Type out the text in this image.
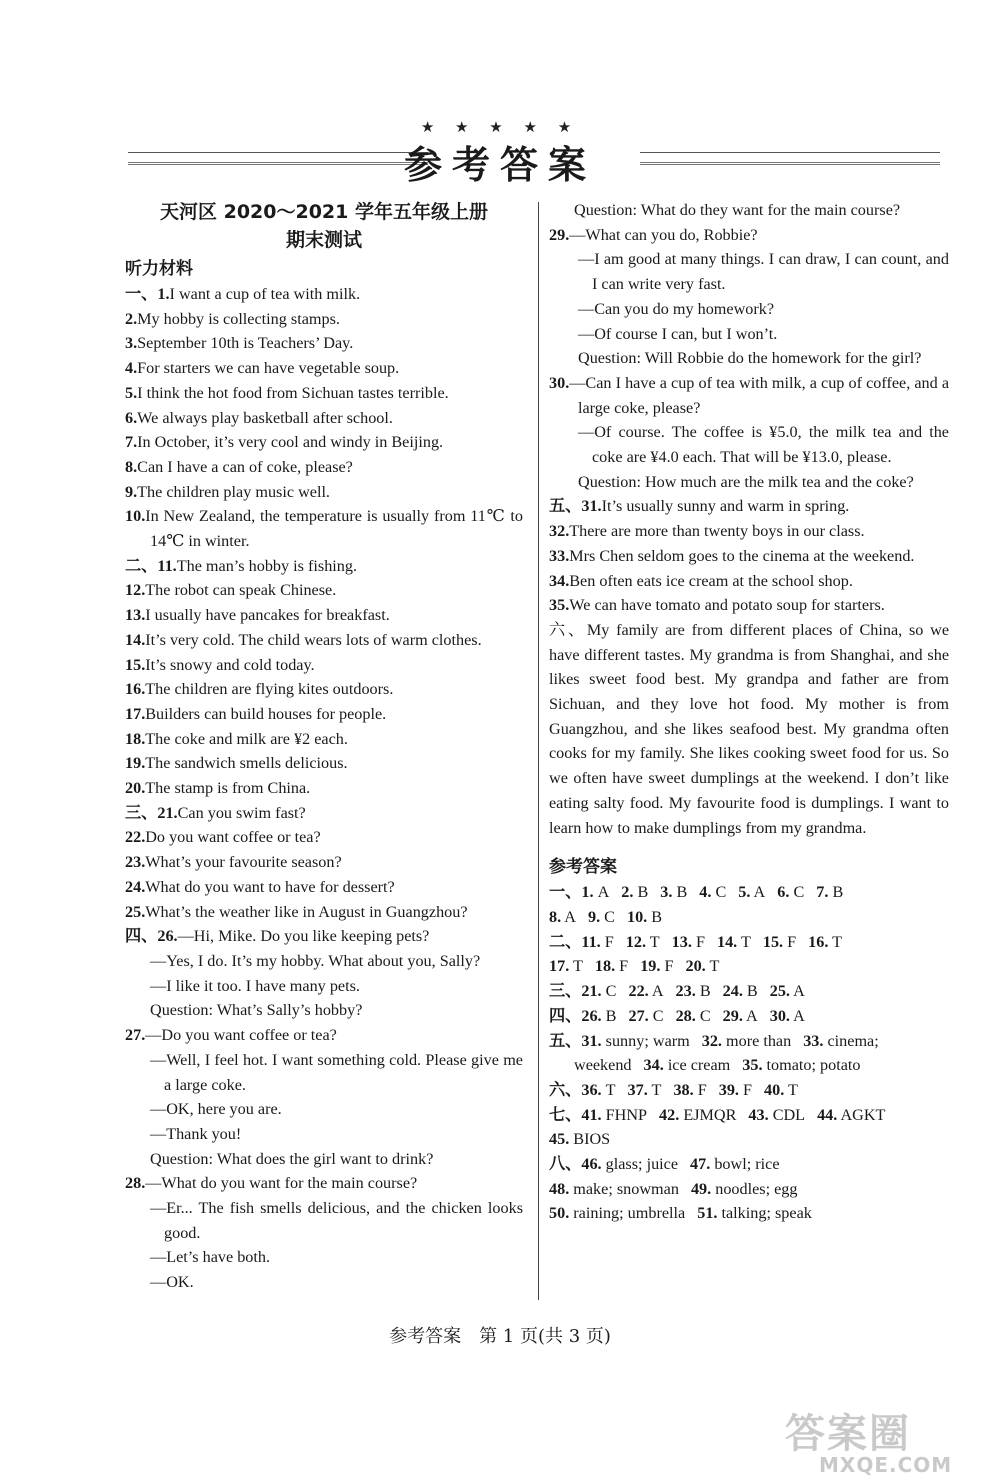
★ ★ ★ ★ ★
参考答案
天河区 2020～2021 学年五年级上册
期末测试
听力材料
一、1.I want a cup of tea with milk.
2.My hobby is collecting stamps.
3.September 10th is Teachers’ Day.
4.For starters we can have vegetable soup.
5.I think the hot food from Sichuan tastes terrible.
6.We always play basketball after school.
7.In October, it’s very cool and windy in Beijing.
8.Can I have a can of coke, please?
9.The children play music well.
10.In New Zealand, the temperature is usually from 11℃ to 14℃ in winter.
二、11.The man’s hobby is fishing.
12.The robot can speak Chinese.
13.I usually have pancakes for breakfast.
14.It’s very cold. The child wears lots of warm clothes.
15.It’s snowy and cold today.
16.The children are flying kites outdoors.
17.Builders can build houses for people.
18.The coke and milk are ¥2 each.
19.The sandwich smells delicious.
20.The stamp is from China.
三、21.Can you swim fast?
22.Do you want coffee or tea?
23.What’s your favourite season?
24.What do you want to have for dessert?
25.What’s the weather like in August in Guangzhou?
四、26.—Hi, Mike. Do you like keeping pets?
—Yes, I do. It’s my hobby. What about you, Sally?
—I like it too. I have many pets.
Question: What’s Sally’s hobby?
27.—Do you want coffee or tea?
—Well, I feel hot. I want something cold. Please give me a large coke.
—OK, here you are.
—Thank you!
Question: What does the girl want to drink?
28.—What do you want for the main course?
—Er... The fish smells delicious, and the chicken looks good.
—Let’s have both.
—OK.
Question: What do they want for the main course?
29.—What can you do, Robbie?
—I am good at many things. I can draw, I can count, and I can write very fast.
—Can you do my homework?
—Of course I can, but I won’t.
Question: Will Robbie do the homework for the girl?
30.—Can I have a cup of tea with milk, a cup of coffee, and a large coke, please?
—Of course. The coffee is ¥5.0, the milk tea and the coke are ¥4.0 each. That will be ¥13.0, please.
Question: How much are the milk tea and the coke?
五、31.It’s usually sunny and warm in spring.
32.There are more than twenty boys in our class.
33.Mrs Chen seldom goes to the cinema at the weekend.
34.Ben often eats ice cream at the school shop.
35.We can have tomato and potato soup for starters.
六、My family are from different places of China, so we have different tastes. My grandma is from Shanghai, and she likes sweet food best. My grandpa and father are from Sichuan, and they love hot food. My mother is from Guangzhou, and she likes seafood best. My grandma often cooks for my family. She likes cooking sweet food for us. So we often have sweet dumplings at the weekend. I don’t like eating salty food. My favourite food is dumplings. I want to learn how to make dumplings from my grandma.
参考答案
一、1. A 2. B 3. B 4. C 5. A 6. C 7. B
8. A 9. C 10. B
二、11. F 12. T 13. F 14. T 15. F 16. T
17. T 18. F 19. F 20. T
三、21. C 22. A 23. B 24. B 25. A
四、26. B 27. C 28. C 29. A 30. A
五、31. sunny; warm 32. more than 33. cinema;
weekend 34. ice cream 35. tomato; potato
六、36. T 37. T 38. F 39. F 40. T
七、41. FHNP 42. EJMQR 43. CDL 44. AGKT
45. BIOS
八、46. glass; juice 47. bowl; rice
48. make; snowman 49. noodles; egg
50. raining; umbrella 51. talking; speak
参考答案　第 1 页(共 3 页)
答案圈
MXQE.COM
